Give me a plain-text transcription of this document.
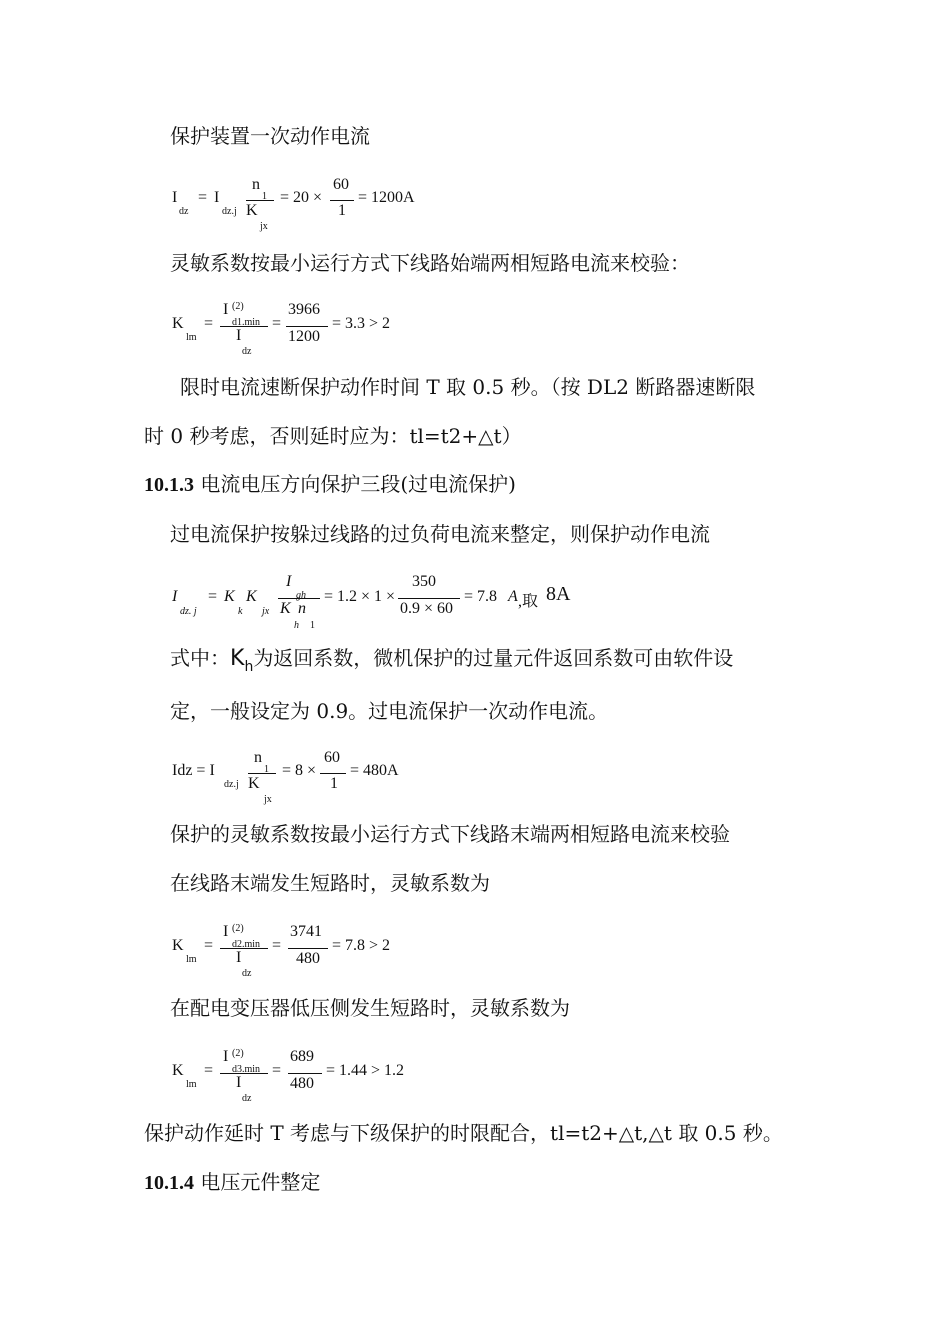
保护装置一次动作电流
I
dz
= I
dz.j
n
1
K
jx
= 20 ×
60
1
= 1200A
灵敏系数按最小运行方式下线路始端两相短路电流来校验：
K
lm
=
I (2)
d1.min
I
dz
=
3966
1200
= 3.3 > 2
限时电流速断保护动作时间 T 取 0.5 秒。（按 DL2 断路器速断限
时 0 秒考虑，否则延时应为：tl=t2+△t）
10.1.3 电流电压方向保护三段(过电流保护)
过电流保护按躲过线路的过负荷电流来整定，则保护动作电流
I
dz. j
= K
k
K
jx
I
gh
K
h
n
1
= 1.2 × 1 ×
350
0.9 × 60
= 7.8 A ,取 8A
式中：$K_h$为返回系数，微机保护的过量元件返回系数可由软件设
定，一般设定为 0.9。过电流保护一次动作电流。
Idz = I
dz.j
n
1
K
jx
= 8 ×
60
1
= 480A
保护的灵敏系数按最小运行方式下线路末端两相短路电流来校验
在线路末端发生短路时，灵敏系数为
K
lm
=
I (2)
d2.min
I
dz
=
3741
480
= 7.8 > 2
在配电变压器低压侧发生短路时，灵敏系数为
K
lm
=
I (2)
d3.min
I
dz
=
689
480
= 1.44 > 1.2
保护动作延时 T 考虑与下级保护的时限配合，tl=t2+△t,△t 取 0.5 秒。
10.1.4 电压元件整定
